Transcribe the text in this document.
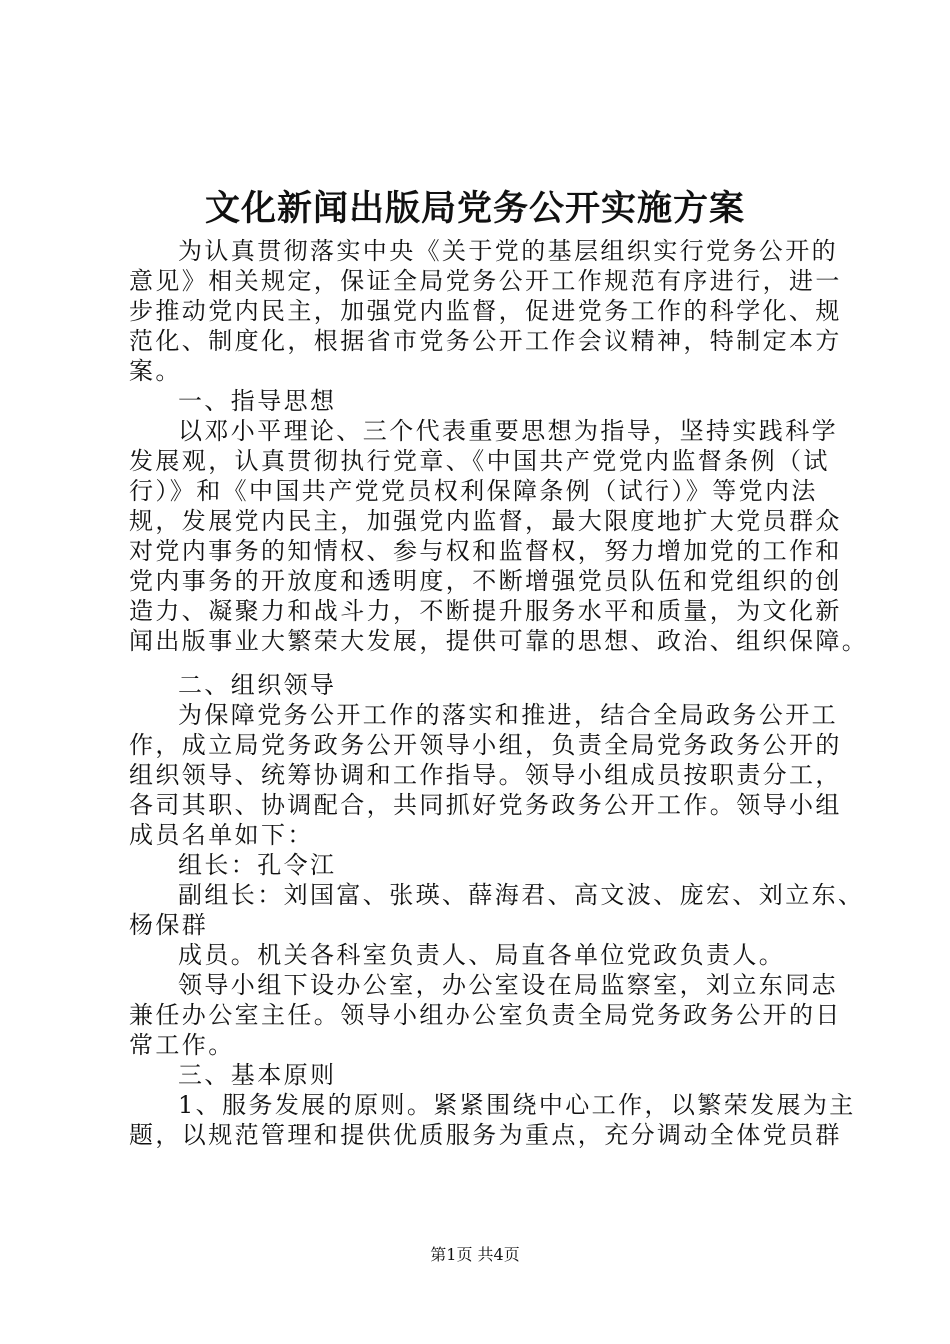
文化新闻出版局党务公开实施方案
为认真贯彻落实中央《关于党的基层组织实行党务公开的
意见》相关规定，保证全局党务公开工作规范有序进行，进一
步推动党内民主，加强党内监督，促进党务工作的科学化、规
范化、制度化，根据省市党务公开工作会议精神，特制定本方
案。
一、指导思想
以邓小平理论、三个代表重要思想为指导，坚持实践科学
发展观，认真贯彻执行党章、《中国共产党党内监督条例（试
行）》和《中国共产党党员权利保障条例（试行）》等党内法
规，发展党内民主，加强党内监督，最大限度地扩大党员群众
对党内事务的知情权、参与权和监督权，努力增加党的工作和
党内事务的开放度和透明度，不断增强党员队伍和党组织的创
造力、凝聚力和战斗力，不断提升服务水平和质量，为文化新
闻出版事业大繁荣大发展，提供可靠的思想、政治、组织保障。
二、组织领导
为保障党务公开工作的落实和推进，结合全局政务公开工
作，成立局党务政务公开领导小组，负责全局党务政务公开的
组织领导、统筹协调和工作指导。领导小组成员按职责分工，
各司其职、协调配合，共同抓好党务政务公开工作。领导小组
成员名单如下：
组长：孔令江
副组长：刘国富、张瑛、薛海君、高文波、庞宏、刘立东、
杨保群
成员。机关各科室负责人、局直各单位党政负责人。
领导小组下设办公室，办公室设在局监察室，刘立东同志
兼任办公室主任。领导小组办公室负责全局党务政务公开的日
常工作。
三、基本原则
1、服务发展的原则。紧紧围绕中心工作，以繁荣发展为主
题，以规范管理和提供优质服务为重点，充分调动全体党员群
第1页 共4页
